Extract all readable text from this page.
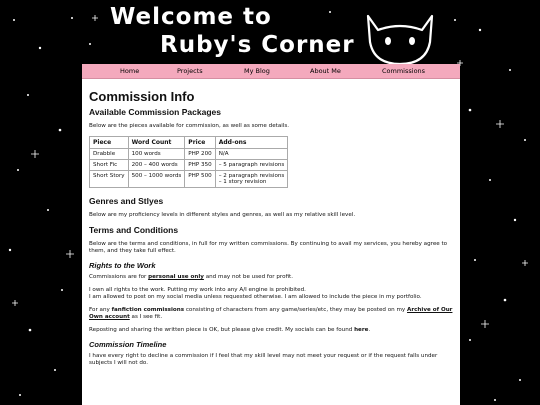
Welcome to
Ruby's Corner
Home	Projects	My Blog	About Me	Commissions
Commission Info
Available Commission Packages

Below are the pieces available for commission, as well as some details.

Piece	Word Count	Price	Add-ons
Drabble	100 words	PHP 200	N/A
Short Fic	200 – 400 words	PHP 350	– 5 paragraph revisions
Short Story	500 – 1000 words	PHP 500	– 2 paragraph revisions
– 1 story revision
Genres and Stlyes

Below are my proficiency levels in different styles and genres, as well as my relative skill level.

Terms and Conditions

Below are the terms and conditions, in full for my written commissions. By continuing to avail my services, you hereby agree to them, and they take full effect.

Rights to the Work

Commissions are for personal use only and may not be used for profit.

I own all rights to the work. Putting my work into any A/I engine is prohibited.
I am allowed to post on my social media unless requested otherwise. I am allowed to include the piece in my portfolio.

For any fanfiction commissions consisting of characters from any game/series/etc, they may be posted on my Archive of Our Own account as I see fit.

Reposting and sharing the written piece is OK, but please give credit. My socials can be found here.

Commission Timeline

I have every right to decline a commission if I feel that my skill level may not meet your request or if the request falls under subjects I will not do.
